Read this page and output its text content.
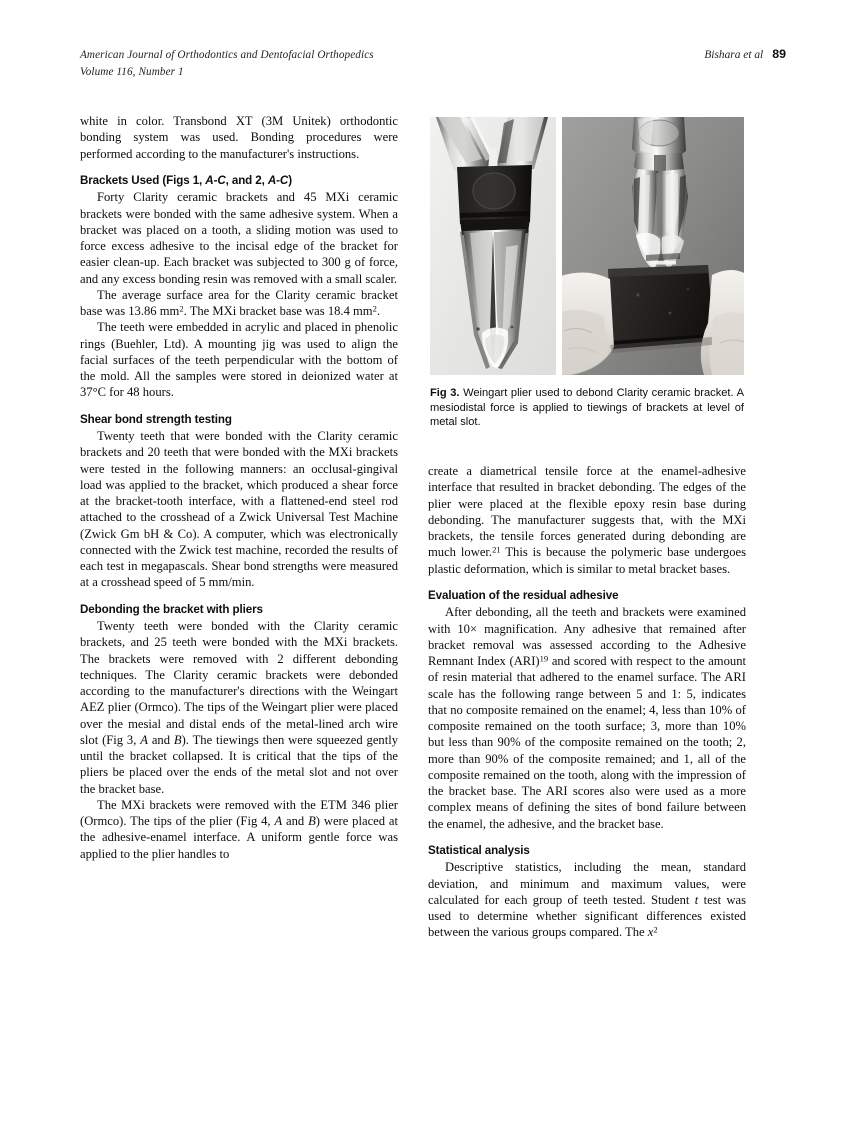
American Journal of Orthodontics and Dentofacial Orthopedics
Volume 116, Number 1
Bishara et al 89
Fig 3. Weingart plier used to debond Clarity ceramic bracket. A mesiodistal force is applied to tiewings of brackets at level of metal slot.

white in color. Transbond XT (3M Unitek) orthodontic bonding system was used. Bonding procedures were performed according to the manufacturer's instructions.

Brackets Used (Figs 1, A-C, and 2, A-C)

Forty Clarity ceramic brackets and 45 MXi ceramic brackets were bonded with the same adhesive system. When a bracket was placed on a tooth, a sliding motion was used to force excess adhesive to the incisal edge of the bracket for easier clean-up. Each bracket was subjected to 300 g of force, and any excess bonding resin was removed with a small scaler.

The average surface area for the Clarity ceramic bracket base was 13.86 $mm^2$. The MXi bracket base was 18.4 $mm^2$.

The teeth were embedded in acrylic and placed in phenolic rings (Buehler, Ltd). A mounting jig was used to align the facial surfaces of the teeth perpendicular with the bottom of the mold. All the samples were stored in deionized water at 37°C for 48 hours.

Shear bond strength testing

Twenty teeth that were bonded with the Clarity ceramic brackets and 20 teeth that were bonded with the MXi brackets were tested in the following manners: an occlusal-gingival load was applied to the bracket, which produced a shear force at the bracket-tooth interface, with a flattened-end steel rod attached to the crosshead of a Zwick Universal Test Machine (Zwick Gm bH & Co). A computer, which was electronically connected with the Zwick test machine, recorded the results of each test in megapascals. Shear bond strengths were measured at a crosshead speed of 5 mm/min.

Debonding the bracket with pliers

Twenty teeth were bonded with the Clarity ceramic brackets, and 25 teeth were bonded with the MXi brackets. The brackets were removed with 2 different debonding techniques. The Clarity ceramic brackets were debonded according to the manufacturer's directions with the Weingart AEZ plier (Ormco). The tips of the Weingart plier were placed over the mesial and distal ends of the metal-lined arch wire slot (Fig 3, A and B). The tiewings then were squeezed gently until the bracket collapsed. It is critical that the tips of the pliers be placed over the ends of the metal slot and not over the bracket base.

The MXi brackets were removed with the ETM 346 plier (Ormco). The tips of the plier (Fig 4, A and B) were placed at the adhesive-enamel interface. A uniform gentle force was applied to the plier handles to

create a diametrical tensile force at the enamel-adhesive interface that resulted in bracket debonding. The edges of the plier were placed at the flexible epoxy resin base during debonding. The manufacturer suggests that, with the MXi brackets, the tensile forces generated during debonding are much lower.$^{21}$ This is because the polymeric base undergoes plastic deformation, which is similar to metal bracket bases.

Evaluation of the residual adhesive

After debonding, all the teeth and brackets were examined with 10× magnification. Any adhesive that remained after bracket removal was assessed according to the Adhesive Remnant Index (ARI)$^{19}$ and scored with respect to the amount of resin material that adhered to the enamel surface. The ARI scale has the following range between 5 and 1: 5, indicates that no composite remained on the enamel; 4, less than 10% of composite remained on the tooth surface; 3, more than 10% but less than 90% of the composite remained on the tooth; 2, more than 90% of the composite remained; and 1, all of the composite remained on the tooth, along with the impression of the bracket base. The ARI scores also were used as a more complex means of defining the sites of bond failure between the enamel, the adhesive, and the bracket base.

Statistical analysis

Descriptive statistics, including the mean, standard deviation, and minimum and maximum values, were calculated for each group of teeth tested. Student t test was used to determine whether significant differences existed between the various groups compared. The $x^2$
